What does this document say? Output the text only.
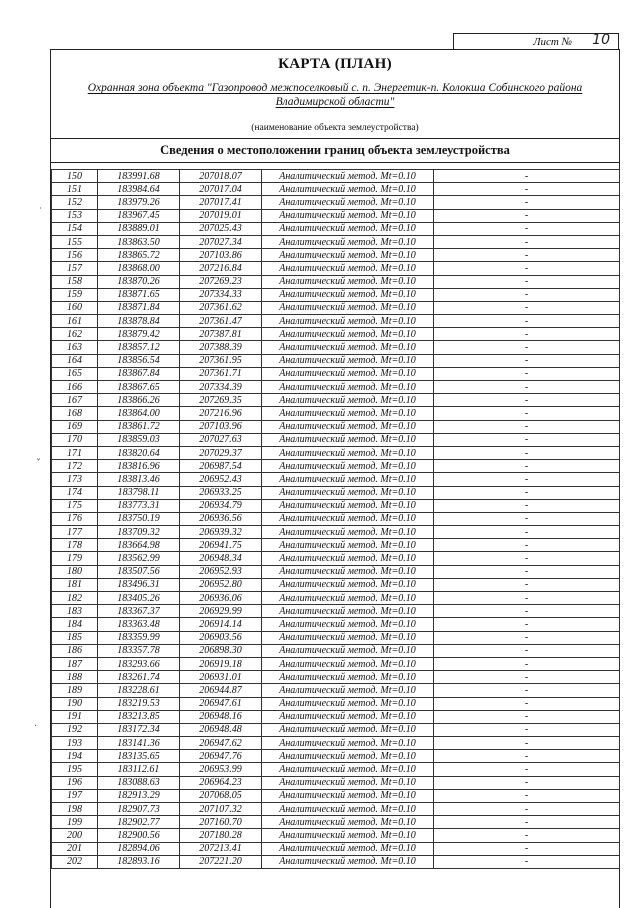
Лист № 10
˙
˅
·
КАРТА (ПЛАН)
Охранная зона объекта "Газопровод межпоселковый с. п. Энергетик-п. Колокша Собинского района Владимирской области"
(наименование объекта землеустройства)
Сведения о местоположении границ объекта землеустройства
150	183991.68	207018.07	Аналитический метод. Mt=0.10	-
151	183984.64	207017.04	Аналитический метод. Mt=0.10	-
152	183979.26	207017.41	Аналитический метод. Mt=0.10	-
153	183967.45	207019.01	Аналитический метод. Mt=0.10	-
154	183889.01	207025.43	Аналитический метод. Mt=0.10	-
155	183863.50	207027.34	Аналитический метод. Mt=0.10	-
156	183865.72	207103.86	Аналитический метод. Mt=0.10	-
157	183868.00	207216.84	Аналитический метод. Mt=0.10	-
158	183870.26	207269.23	Аналитический метод. Mt=0.10	-
159	183871.65	207334.33	Аналитический метод. Mt=0.10	-
160	183871.84	207361.62	Аналитический метод. Mt=0.10	-
161	183878.84	207361.47	Аналитический метод. Mt=0.10	-
162	183879.42	207387.81	Аналитический метод. Mt=0.10	-
163	183857.12	207388.39	Аналитический метод. Mt=0.10	-
164	183856.54	207361.95	Аналитический метод. Mt=0.10	-
165	183867.84	207361.71	Аналитический метод. Mt=0.10	-
166	183867.65	207334.39	Аналитический метод. Mt=0.10	-
167	183866.26	207269.35	Аналитический метод. Mt=0.10	-
168	183864.00	207216.96	Аналитический метод. Mt=0.10	-
169	183861.72	207103.96	Аналитический метод. Mt=0.10	-
170	183859.03	207027.63	Аналитический метод. Mt=0.10	-
171	183820.64	207029.37	Аналитический метод. Mt=0.10	-
172	183816.96	206987.54	Аналитический метод. Mt=0.10	-
173	183813.46	206952.43	Аналитический метод. Mt=0.10	-
174	183798.11	206933.25	Аналитический метод. Mt=0.10	-
175	183773.31	206934.79	Аналитический метод. Mt=0.10	-
176	183750.19	206936.56	Аналитический метод. Mt=0.10	-
177	183709.32	206939.32	Аналитический метод. Mt=0.10	-
178	183664.98	206941.75	Аналитический метод. Mt=0.10	-
179	183562.99	206948.34	Аналитический метод. Mt=0.10	-
180	183507.56	206952.93	Аналитический метод. Mt=0.10	-
181	183496.31	206952.80	Аналитический метод. Mt=0.10	-
182	183405.26	206936.06	Аналитический метод. Mt=0.10	-
183	183367.37	206929.99	Аналитический метод. Mt=0.10	-
184	183363.48	206914.14	Аналитический метод. Mt=0.10	-
185	183359.99	206903.56	Аналитический метод. Mt=0.10	-
186	183357.78	206898.30	Аналитический метод. Mt=0.10	-
187	183293.66	206919.18	Аналитический метод. Mt=0.10	-
188	183261.74	206931.01	Аналитический метод. Mt=0.10	-
189	183228.61	206944.87	Аналитический метод. Mt=0.10	-
190	183219.53	206947.61	Аналитический метод. Mt=0.10	-
191	183213.85	206948.16	Аналитический метод. Mt=0.10	-
192	183172.34	206948.48	Аналитический метод. Mt=0.10	-
193	183141.36	206947.62	Аналитический метод. Mt=0.10	-
194	183135.65	206947.76	Аналитический метод. Mt=0.10	-
195	183112.61	206953.99	Аналитический метод. Mt=0.10	-
196	183088.63	206964.23	Аналитический метод. Mt=0.10	-
197	182913.29	207068.05	Аналитический метод. Mt=0.10	-
198	182907.73	207107.32	Аналитический метод. Mt=0.10	-
199	182902.77	207160.70	Аналитический метод. Mt=0.10	-
200	182900.56	207180.28	Аналитический метод. Mt=0.10	-
201	182894.06	207213.41	Аналитический метод. Mt=0.10	-
202	182893.16	207221.20	Аналитический метод. Mt=0.10	-
